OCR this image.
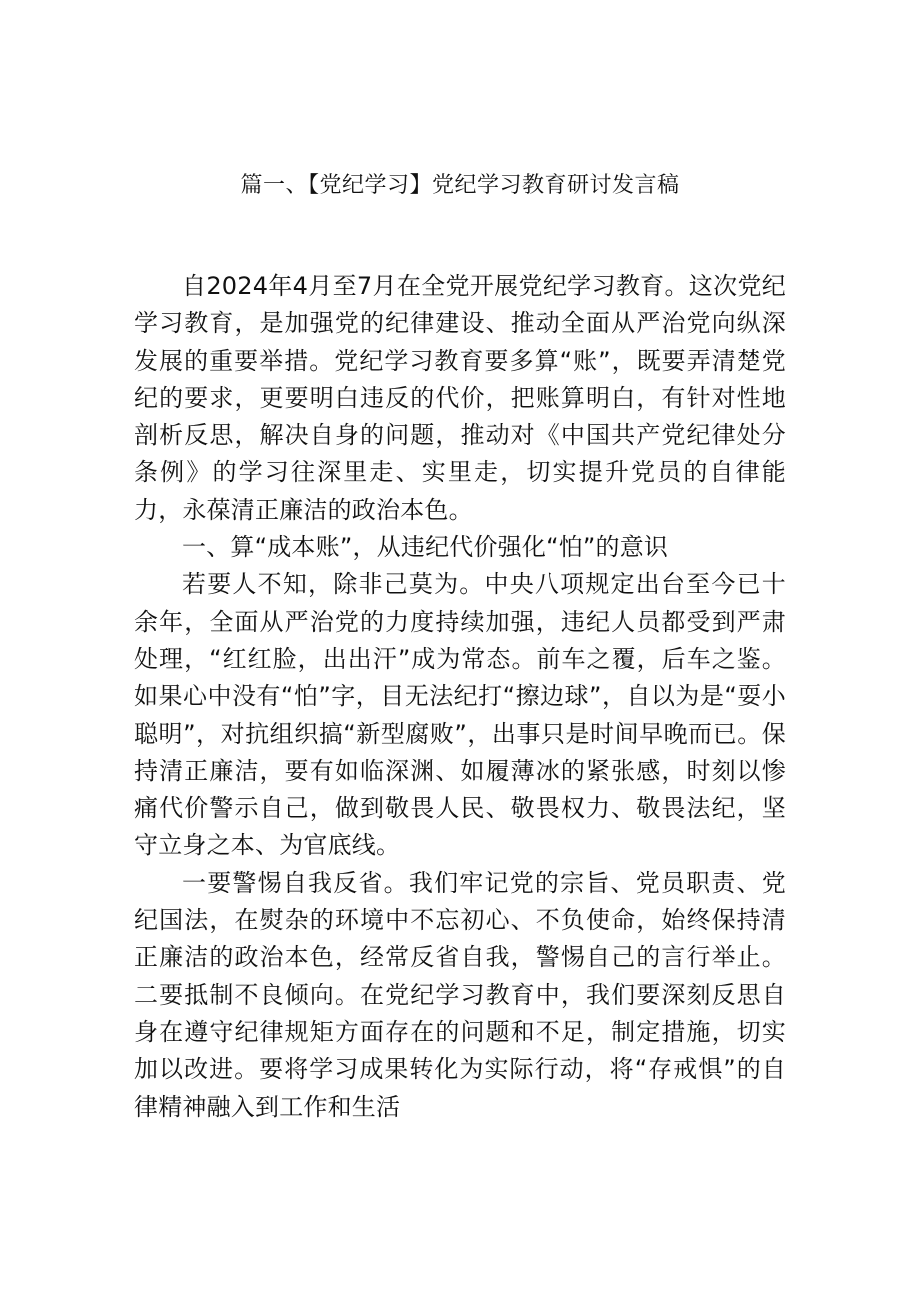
篇一、【党纪学习】党纪学习教育研讨发言稿

自2024年4月至7月在全党开展党纪学习教育。这次党纪学习教育，是加强党的纪律建设、推动全面从严治党向纵深发展的重要举措。党纪学习教育要多算“账”，既要弄清楚党纪的要求，更要明白违反的代价，把账算明白，有针对性地剖析反思，解决自身的问题，推动对《中国共产党纪律处分条例》的学习往深里走、实里走，切实提升党员的自律能力，永葆清正廉洁的政治本色。

一、算“成本账”，从违纪代价强化“怕”的意识

若要人不知，除非己莫为。中央八项规定出台至今已十余年，全面从严治党的力度持续加强，违纪人员都受到严肃处理，“红红脸，出出汗”成为常态。前车之覆，后车之鉴。如果心中没有“怕”字，目无法纪打“擦边球”，自以为是“耍小聪明”，对抗组织搞“新型腐败”，出事只是时间早晚而已。保持清正廉洁，要有如临深渊、如履薄冰的紧张感，时刻以惨痛代价警示自己，做到敬畏人民、敬畏权力、敬畏法纪，坚守立身之本、为官底线。

一要警惕自我反省。我们牢记党的宗旨、党员职责、党纪国法，在熨杂的环境中不忘初心、不负使命，始终保持清正廉洁的政治本色，经常反省自我，警惕自己的言行举止。二要抵制不良倾向。在党纪学习教育中，我们要深刻反思自身在遵守纪律规矩方面存在的问题和不足，制定措施，切实加以改进。要将学习成果转化为实际行动，将“存戒惧”的自律精神融入到工作和生活
